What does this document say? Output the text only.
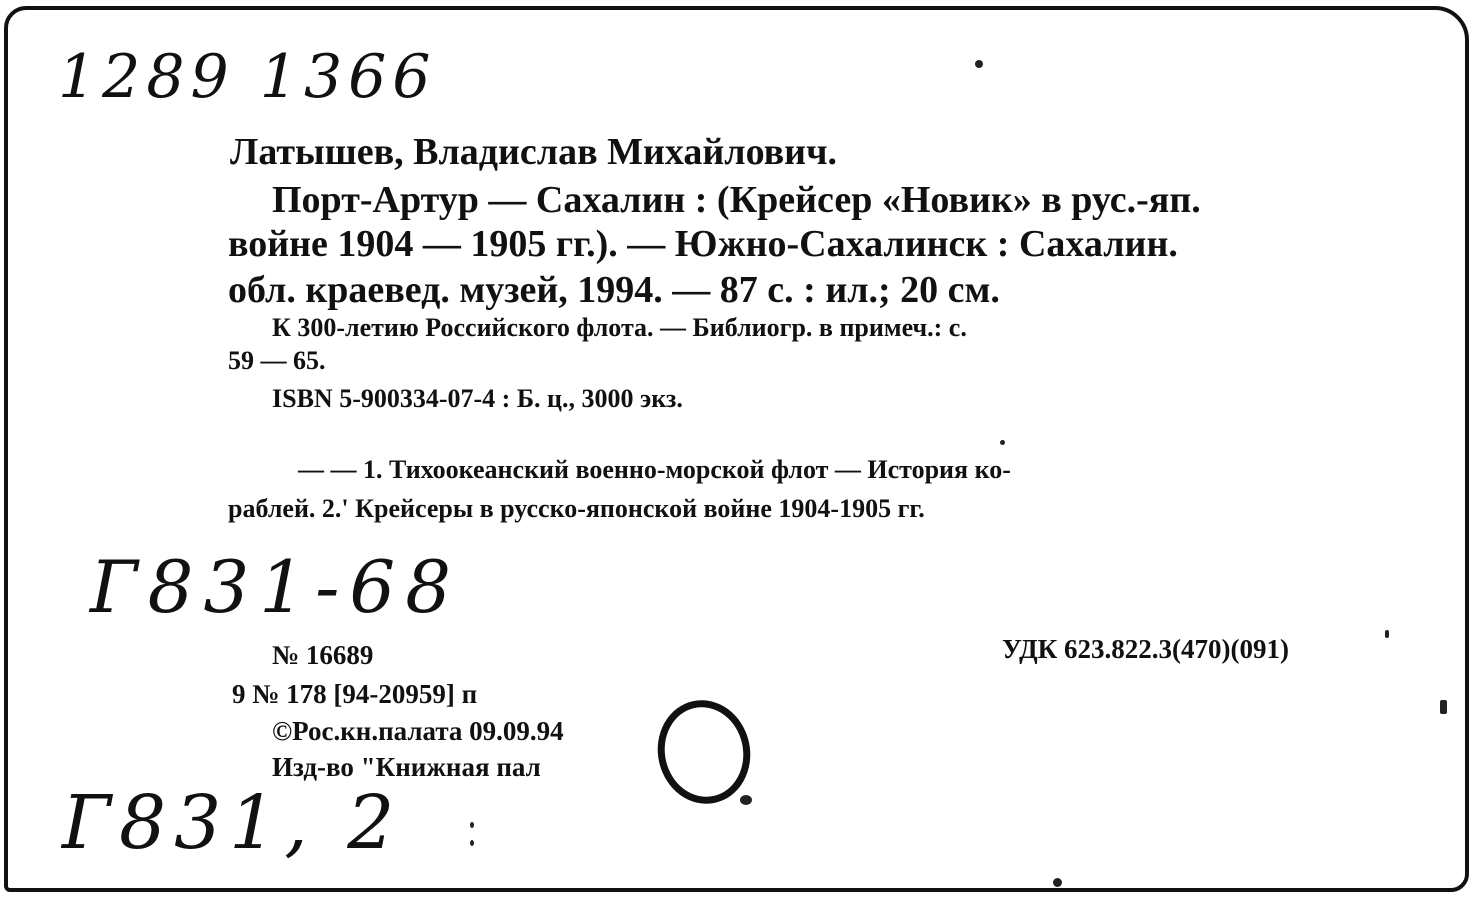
1289 1366
Г831-68
Г831, 2
Латышев, Владислав Михайлович.
Порт-Артур — Сахалин : (Крейсер «Новик» в рус.-яп.
войне 1904 — 1905 гг.). — Южно-Сахалинск : Сахалин.
обл. краевед. музей, 1994. — 87 с. : ил.; 20 см.
К 300-летию Российского флота. — Библиогр. в примеч.: с.
59 — 65.
ISBN 5-900334-07-4 : Б. ц., 3000 экз.
— — 1. Тихоокеанский военно-морской флот — История ко-
раблей. 2.' Крейсеры в русско-японской войне 1904-1905 гг.
№ 16689	УДК 623.822.3(470)(091)
9 № 178 [94-20959] п
©Рос.кн.палата 09.09.94
Изд-во "Книжная пал
